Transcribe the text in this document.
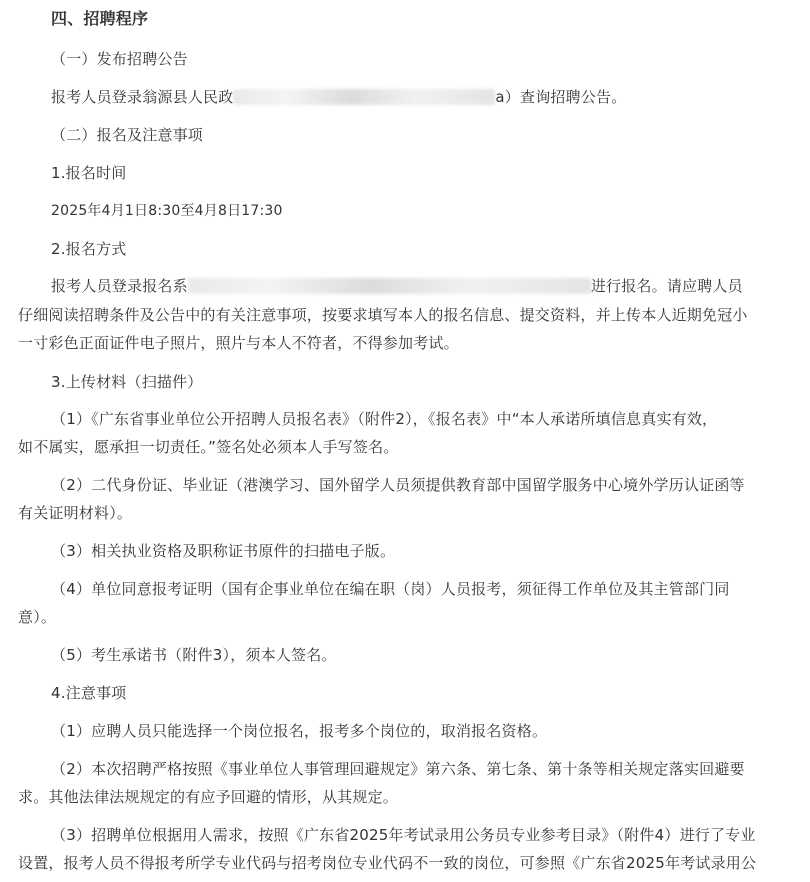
四、招聘程序
（一）发布招聘公告
报考人员登录翁源县人民政	a）查询招聘公告。
（二）报名及注意事项
1.报名时间
2025年4月1日8:30至4月8日17:30
2.报名方式
报考人员登录报名系	进行报名。请应聘人员
仔细阅读招聘条件及公告中的有关注意事项，按要求填写本人的报名信息、提交资料，并上传本人近期免冠小
一寸彩色正面证件电子照片，照片与本人不符者，不得参加考试。
3.上传材料（扫描件）
（1）《广东省事业单位公开招聘人员报名表》（附件2），《报名表》中“本人承诺所填信息真实有效，
如不属实，愿承担一切责任。”签名处必须本人手写签名。
（2）二代身份证、毕业证（港澳学习、国外留学人员须提供教育部中国留学服务中心境外学历认证函等
有关证明材料）。
（3）相关执业资格及职称证书原件的扫描电子版。
（4）单位同意报考证明（国有企事业单位在编在职（岗）人员报考，须征得工作单位及其主管部门同
意）。
（5）考生承诺书（附件3），须本人签名。
4.注意事项
（1）应聘人员只能选择一个岗位报名，报考多个岗位的，取消报名资格。
（2）本次招聘严格按照《事业单位人事管理回避规定》第六条、第七条、第十条等相关规定落实回避要
求。其他法律法规规定的有应予回避的情形，从其规定。
（3）招聘单位根据用人需求，按照《广东省2025年考试录用公务员专业参考目录》（附件4）进行了专业
设置，报考人员不得报考所学专业代码与招考岗位专业代码不一致的岗位，可参照《广东省2025年考试录用公
